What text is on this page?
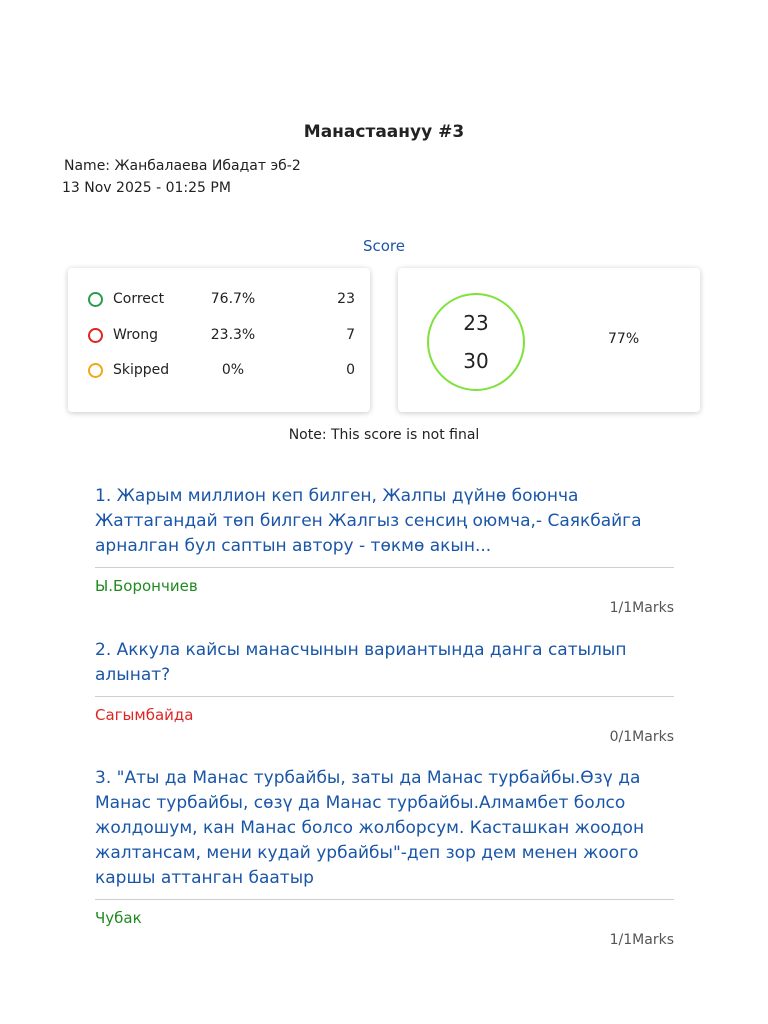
Манастаануу #3
Name: Жанбалаева Ибадат эб-2
13 Nov 2025 - 01:25 PM
Score
Correct	76.7%	23
Wrong	23.3%	7
Skipped	0%	0
23
30
77%
Note: This score is not final
1. Жарым миллион кеп билген, Жалпы дүйнө боюнча Жаттагандай төп билген Жалгыз сенсиң оюмча,- Саякбайга арналган бул саптын автору - төкмө акын...
Ы.Борончиев
1/1Marks
2. Аккула кайсы манасчынын вариантында данга сатылып алынат?
Сагымбайда
0/1Marks
3. "Аты да Манас турбайбы, заты да Манас турбайбы.Өзү да Манас турбайбы, сөзү да Манас турбайбы.Алмамбет болсо жолдошум, кан Манас болсо жолборсум. Касташкан жоодон жалтансам, мени кудай урбайбы"-деп зор дем менен жоого каршы аттанган баатыр
Чубак
1/1Marks
